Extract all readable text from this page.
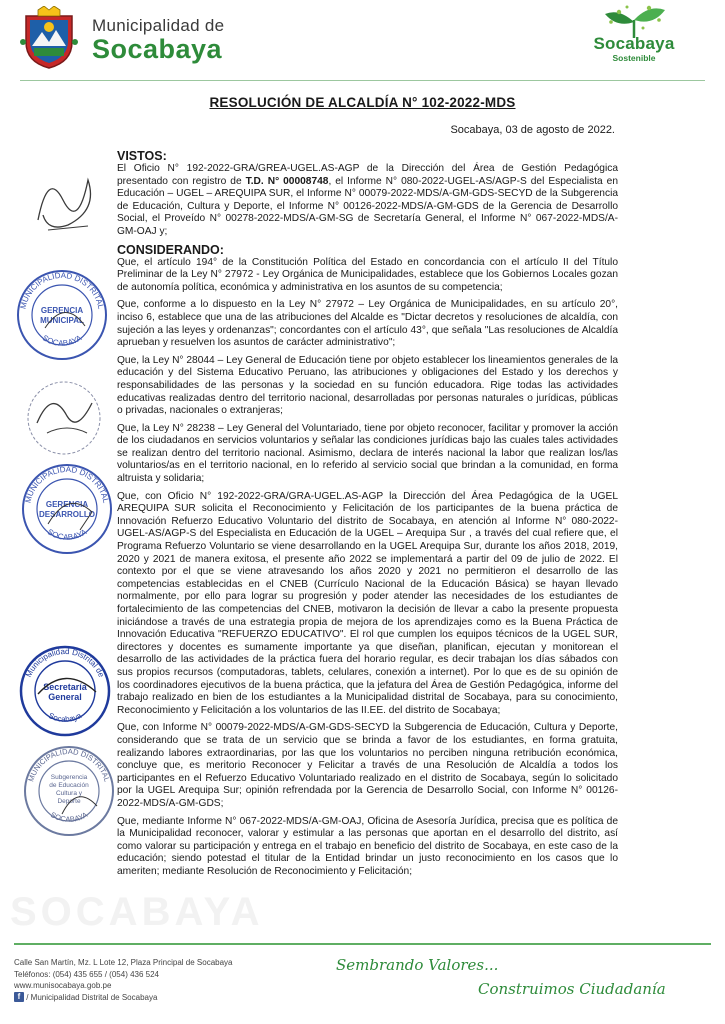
Municipalidad de
Socabaya	Socabaya
Sostenible
SOCABAYA
RESOLUCIÓN DE ALCALDÍA N° 102-2022-MDS
Socabaya, 03 de agosto de 2022.
VISTOS:

El Oficio N° 192-2022-GRA/GREA-UGEL.AS-AGP de la Dirección del Área de Gestión Pedagógica presentado con registro de T.D. N° 00008748, el Informe N° 080-2022-UGEL-AS/AGP-S del Especialista en Educación – UGEL – AREQUIPA SUR, el Informe N° 00079-2022-MDS/A-GM-GDS-SECYD de la Subgerencia de Educación, Cultura y Deporte, el Informe N° 00126-2022-MDS/A-GM-GDS de la Gerencia de Desarrollo Social, el Proveído N° 00278-2022-MDS/A-GM-SG de Secretaría General, el Informe N° 067-2022-MDS/A-GM-OAJ y;

CONSIDERANDO:

Que, el artículo 194° de la Constitución Política del Estado en concordancia con el artículo II del Título Preliminar de la Ley N° 27972 - Ley Orgánica de Municipalidades, establece que los Gobiernos Locales gozan de autonomía política, económica y administrativa en los asuntos de su competencia;

Que, conforme a lo dispuesto en la Ley N° 27972 – Ley Orgánica de Municipalidades, en su artículo 20°, inciso 6, establece que una de las atribuciones del Alcalde es "Dictar decretos y resoluciones de alcaldía, con sujeción a las leyes y ordenanzas"; concordantes con el artículo 43°, que señala "Las resoluciones de Alcaldía aprueban y resuelven los asuntos de carácter administrativo";

Que, la Ley N° 28044 – Ley General de Educación tiene por objeto establecer los lineamientos generales de la educación y del Sistema Educativo Peruano, las atribuciones y obligaciones del Estado y los derechos y responsabilidades de las personas y la sociedad en su función educadora. Rige todas las actividades educativas realizadas dentro del territorio nacional, desarrolladas por personas naturales o jurídicas, públicas o privadas, nacionales o extranjeras;

Que, la Ley N° 28238 – Ley General del Voluntariado, tiene por objeto reconocer, facilitar y promover la acción de los ciudadanos en servicios voluntarios y señalar las condiciones jurídicas bajo las cuales tales actividades se realizan dentro del territorio nacional. Asimismo, declara de interés nacional la labor que realizan los/las voluntarios/as en el territorio nacional, en lo referido al servicio social que brindan a la comunidad, en forma altruista y solidaria;

Que, con Oficio N° 192-2022-GRA/GRA-UGEL.AS-AGP la Dirección del Área Pedagógica de la UGEL AREQUIPA SUR solicita el Reconocimiento y Felicitación de los participantes de la buena práctica de Innovación Refuerzo Educativo Voluntario del distrito de Socabaya, en atención al Informe N° 080-2022-UGEL-AS/AGP-S del Especialista en Educación de la UGEL – Arequipa Sur , a través del cual refiere que, el Programa Refuerzo Voluntario se viene desarrollando en la UGEL Arequipa Sur, durante los años 2018, 2019, 2020 y 2021 de manera exitosa, el presente año 2022 se implementará a partir del 09 de julio de 2022. El contexto por el que se viene atravesando los años 2020 y 2021 no permitieron el desarrollo de las competencias establecidas en el CNEB (Currículo Nacional de la Educación Básica) se hayan llevado normalmente, por ello para lograr su progresión y poder atender las necesidades de los estudiantes de fortalecimiento de las competencias del CNEB, motivaron la decisión de llevar a cabo la presente propuesta iniciándose a través de una estrategia propia de mejora de los aprendizajes como es la Buena Práctica de Innovación Educativa "REFUERZO EDUCATIVO". El rol que cumplen los equipos técnicos de la UGEL SUR, directores y docentes es sumamente importante ya que diseñan, planifican, ejecutan y monitorean el desarrollo de las actividades de la práctica fuera del horario regular, es decir trabajan los días sábados con sus propios recursos (computadoras, tablets, celulares, conexión a internet). Por lo que es de su opinión de los coordinadores ejecutivos de la buena práctica, que la jefatura del Área de Gestión Pedagógica, informe del trabajo realizado en bien de los estudiantes a la Municipalidad distrital de Socabaya, para su conocimiento, Reconocimiento y Felicitación a los voluntarios de las II.EE. del distrito de Socabaya;

Que, con Informe N° 00079-2022-MDS/A-GM-GDS-SECYD la Subgerencia de Educación, Cultura y Deporte, considerando que se trata de un servicio que se brinda a favor de los estudiantes, en forma gratuita, realizando labores extraordinarias, por las que los voluntarios no perciben ninguna retribución económica, concluye que, es meritorio Reconocer y Felicitar a través de una Resolución de Alcaldía a todos los participantes en el Refuerzo Educativo Voluntariado realizado en el distrito de Socabaya, según lo solicitado por la UGEL Arequipa Sur; opinión refrendada por la Gerencia de Desarrollo Social, con Informe N° 00126-2022-MDS/A-GM-GDS;

Que, mediante Informe N° 067-2022-MDS/A-GM-OAJ, Oficina de Asesoría Jurídica, precisa que es política de la Municipalidad reconocer, valorar y estimular a las personas que aportan en el desarrollo del distrito, así como valorar su participación y entrega en el trabajo en beneficio del distrito de Socabaya, en este caso de la educación; siendo potestad el titular de la Entidad brindar un justo reconocimiento en los casos que lo ameriten; mediante Resolución de Reconocimiento y Felicitación;

MUNICIPALIDAD DISTRITAL
GERENCIA
MUNICIPAL
SOCABAYA
MUNICIPALIDAD DISTRITAL
GERENCIA
DESARROLLO
SOCABAYA
Municipalidad Distrital de
Secretaría
General
Socabaya
MUNICIPALIDAD DISTRITAL
Subgerencia
de Educación
Cultura y
Deporte
SOCABAYA
Calle San Martín, Mz. L Lote 12, Plaza Principal de Socabaya
Teléfonos: (054) 435 655 / (054) 436 524
www.munisocabaya.gob.pe
f / Municipalidad Distrital de Socabaya
Sembrando Valores...
Construimos Ciudadanía
